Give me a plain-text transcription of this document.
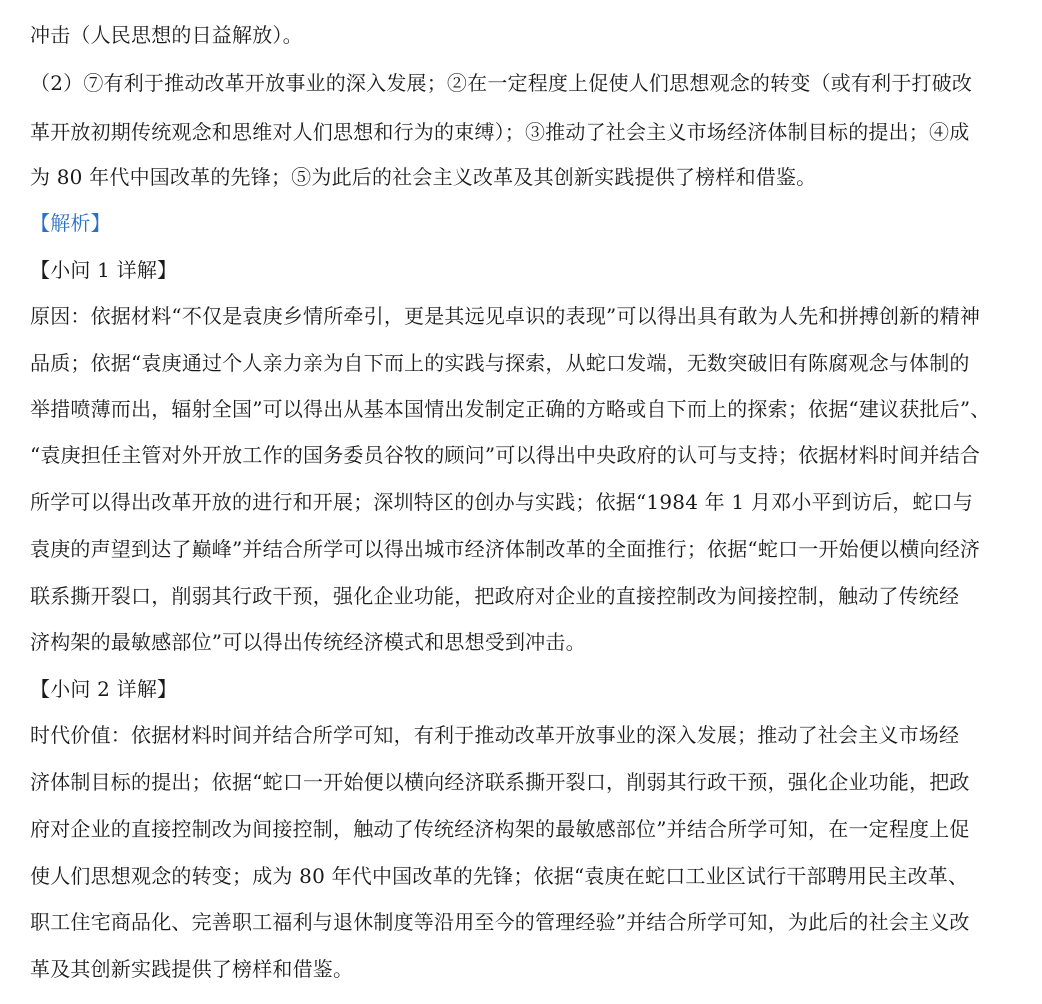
冲击（人民思想的日益解放）。
（2）⑦有利于推动改革开放事业的深入发展；②在一定程度上促使人们思想观念的转变（或有利于打破改
革开放初期传统观念和思维对人们思想和行为的束缚）；③推动了社会主义市场经济体制目标的提出；④成
为 80 年代中国改革的先锋；⑤为此后的社会主义改革及其创新实践提供了榜样和借鉴。
【解析】
【小问 1 详解】
原因：依据材料“不仅是袁庚乡情所牵引，更是其远见卓识的表现”可以得出具有敢为人先和拼搏创新的精神
品质；依据“袁庚通过个人亲力亲为自下而上的实践与探索，从蛇口发端，无数突破旧有陈腐观念与体制的
举措喷薄而出，辐射全国”可以得出从基本国情出发制定正确的方略或自下而上的探索；依据“建议获批后”、
“袁庚担任主管对外开放工作的国务委员谷牧的顾问”可以得出中央政府的认可与支持；依据材料时间并结合
所学可以得出改革开放的进行和开展；深圳特区的创办与实践；依据“1984 年 1 月邓小平到访后，蛇口与
袁庚的声望到达了巅峰”并结合所学可以得出城市经济体制改革的全面推行；依据“蛇口一开始便以横向经济
联系撕开裂口，削弱其行政干预，强化企业功能，把政府对企业的直接控制改为间接控制，触动了传统经
济构架的最敏感部位”可以得出传统经济模式和思想受到冲击。
【小问 2 详解】
时代价值：依据材料时间并结合所学可知，有利于推动改革开放事业的深入发展；推动了社会主义市场经
济体制目标的提出；依据“蛇口一开始便以横向经济联系撕开裂口，削弱其行政干预，强化企业功能，把政
府对企业的直接控制改为间接控制，触动了传统经济构架的最敏感部位”并结合所学可知，在一定程度上促
使人们思想观念的转变；成为 80 年代中国改革的先锋；依据“袁庚在蛇口工业区试行干部聘用民主改革、
职工住宅商品化、完善职工福利与退休制度等沿用至今的管理经验”并结合所学可知，为此后的社会主义改
革及其创新实践提供了榜样和借鉴。
